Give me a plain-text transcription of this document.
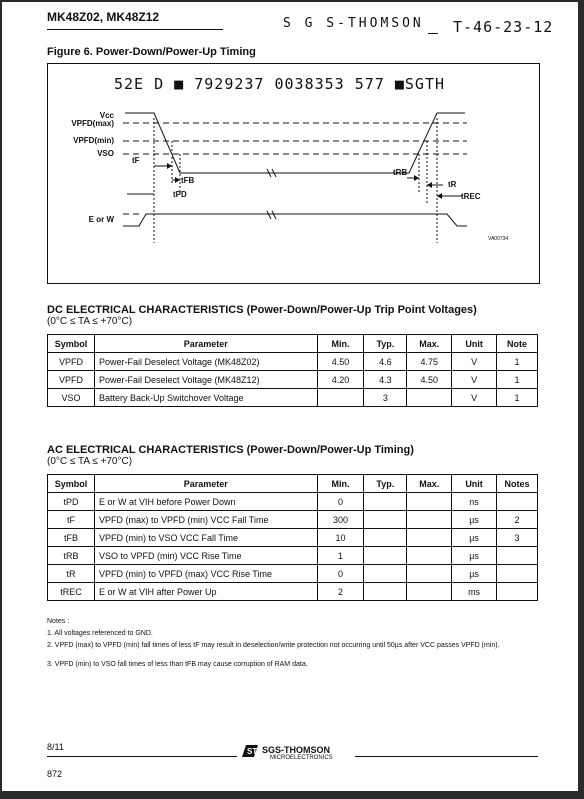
MK48Z02, MK48Z12	S G S-THOMSON T-46-23-12
Figure 6. Power-Down/Power-Up Timing
52E D ■ 7929237 0038353 577 ■SGTH
Vcc
VPFD(max)
VPFD(min)
VSO
E or W
tF
tFB
tPD
tRB
tR
tREC
VA00734
DC ELECTRICAL CHARACTERISTICS (Power-Down/Power-Up Trip Point Voltages)
(0°C ≤ TA ≤ +70°C)
Symbol	Parameter	Min.	Typ.	Max.	Unit	Note
VPFD	Power-Fail Deselect Voltage (MK48Z02)	4.50	4.6	4.75	V	1
VPFD	Power-Fail Deselect Voltage (MK48Z12)	4.20	4.3	4.50	V	1
VSO	Battery Back-Up Switchover Voltage		3		V	1
AC ELECTRICAL CHARACTERISTICS (Power-Down/Power-Up Timing)
(0°C ≤ TA ≤ +70°C)
Symbol	Parameter	Min.	Typ.	Max.	Unit	Notes
tPD	E or W at VIH before Power Down	0			ns	
tF	VPFD (max) to VPFD (min) VCC Fall Time	300			µs	2
tFB	VPFD (min) to VSO VCC Fall Time	10			µs	3
tRB	VSO to VPFD (min) VCC Rise Time	1			µs	
tR	VPFD (min) to VPFD (max) VCC Rise Time	0			µs	
tREC	E or W at VIH after Power Up	2			ms	
Notes :
1. All voltages referenced to GND.
2. VPFD (max) to VPFD (min) fall times of less tF may result in deselection/write protection not occurring until 50µs after VCC passes VPFD (min).
3. VPFD (min) to VSO fall times of less than tFB may cause corruption of RAM data.
8/11	ST SGS-THOMSON
MICROELECTRONICS
872
